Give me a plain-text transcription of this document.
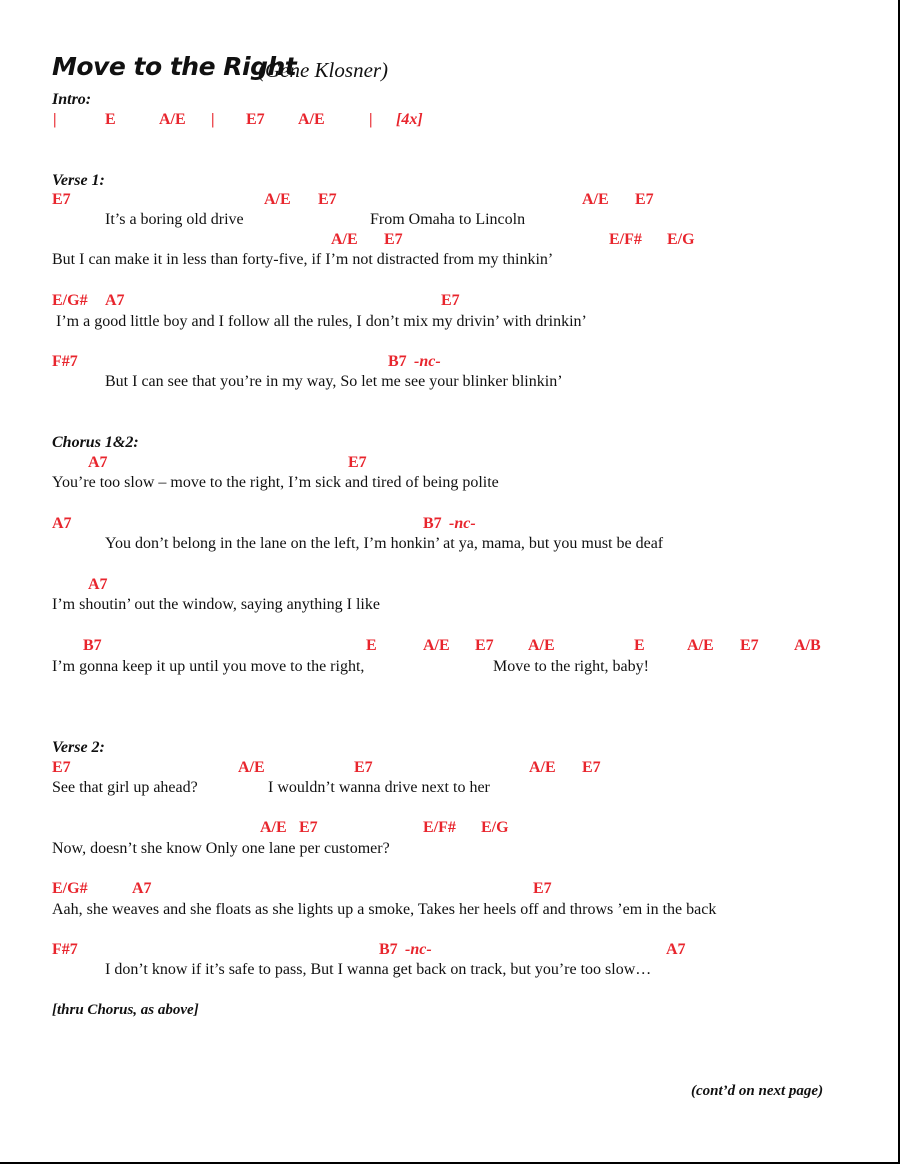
Move to the Right
(Gene Klosner)
Intro:
|	E	A/E | E7 A/E	| [4x]
Verse 1:
E7	A/E E7	A/E E7
It’s a boring old drive	From Omaha to Lincoln
A/E E7	E/F# E/G
But I can make it in less than forty-five, if I’m not distracted from my thinkin’
E/G# A7	E7
I’m a good little boy and I follow all the rules, I don’t mix my drivin’ with drinkin’
F#7	B7 -nc-
But I can see that you’re in my way, So let me see your blinker blinkin’
Chorus 1&2:
A7	E7
You’re too slow – move to the right, I’m sick and tired of being polite
A7	B7 -nc-
You don’t belong in the lane on the left, I’m honkin’ at ya, mama, but you must be deaf
A7
I’m shoutin’ out the window, saying anything I like
B7	E	A/E E7 A/E	E	A/E E7 A/B
I’m gonna keep it up until you move to the right,	Move to the right, baby!
Verse 2:
E7	A/E	E7	A/E E7
See that girl up ahead?	I wouldn’t wanna drive next to her
A/E E7	E/F# E/G
Now, doesn’t she know Only one lane per customer?
E/G#	A7	E7
Aah, she weaves and she floats as she lights up a smoke, Takes her heels off and throws ’em in the back
F#7	B7 -nc-	A7
I don’t know if it’s safe to pass, But I wanna get back on track, but you’re too slow…
[thru Chorus, as above]
(cont’d on next page)
